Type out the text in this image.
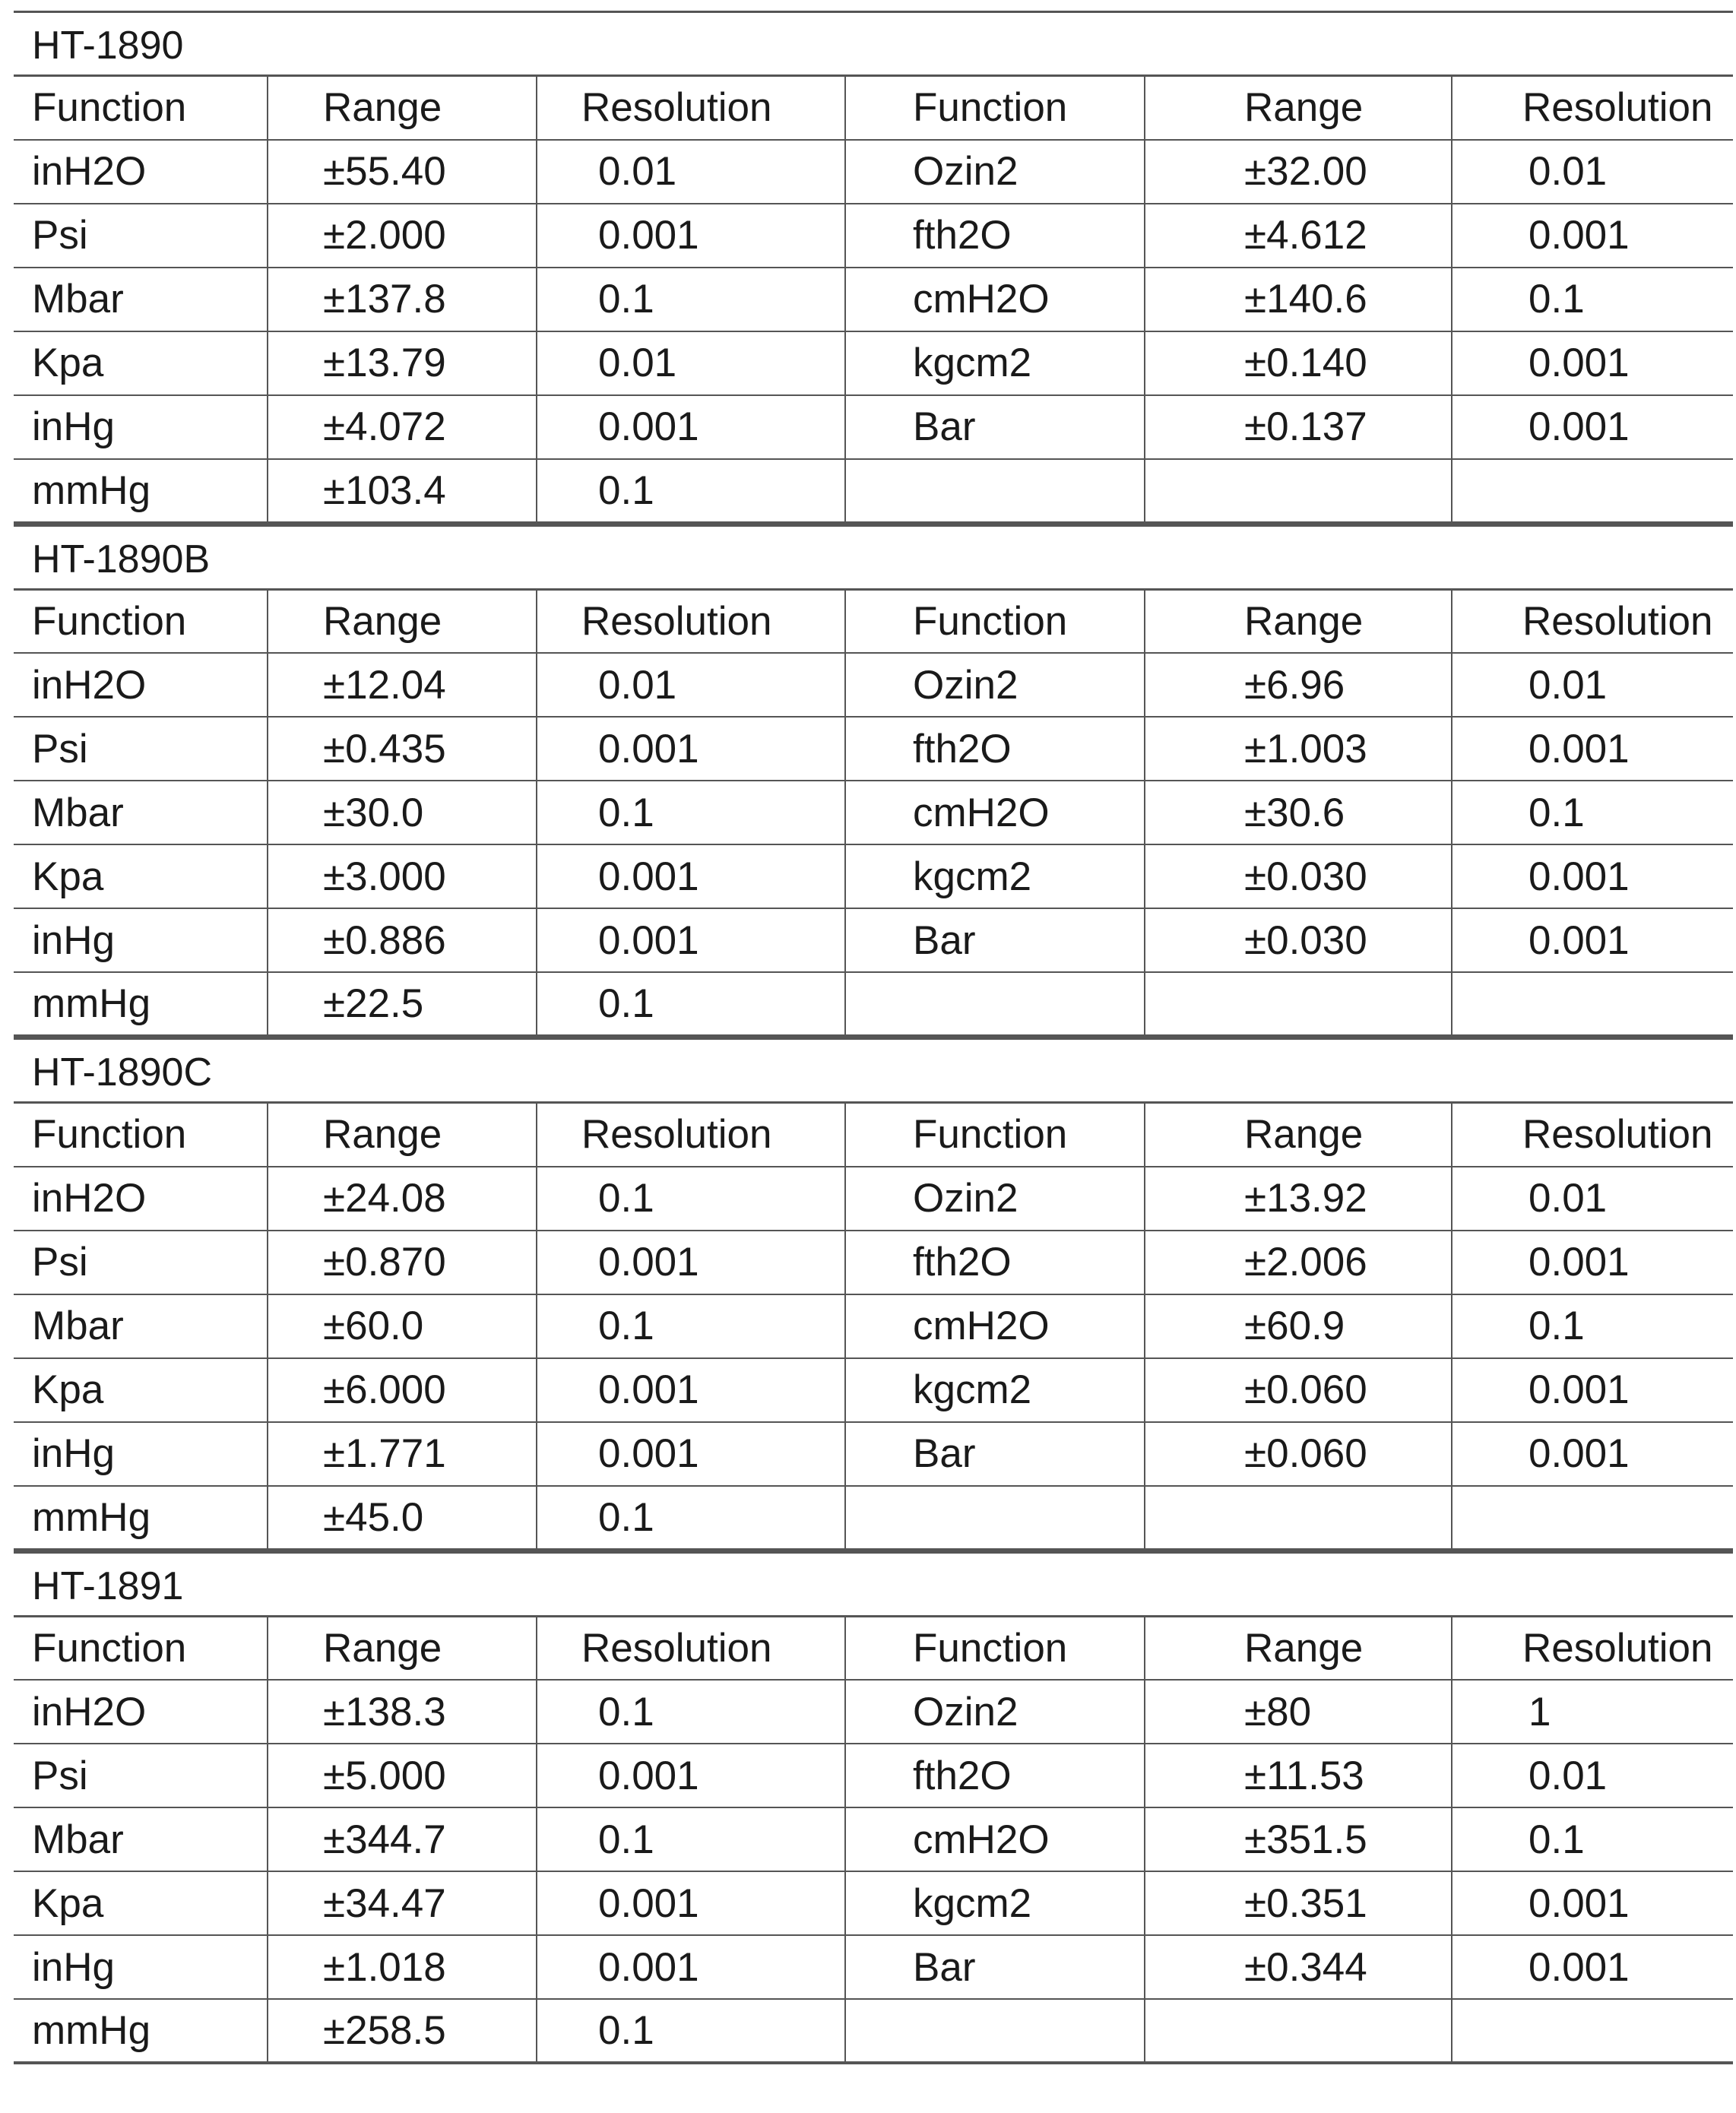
HT-1890
Function	Range	Resolution	Function	Range	Resolution
inH2O	±55.40	0.01	Ozin2	±32.00	0.01
Psi	±2.000	0.001	fth2O	±4.612	0.001
Mbar	±137.8	0.1	cmH2O	±140.6	0.1
Kpa	±13.79	0.01	kgcm2	±0.140	0.001
inHg	±4.072	0.001	Bar	±0.137	0.001
mmHg	±103.4	0.1			
HT-1890B
Function	Range	Resolution	Function	Range	Resolution
inH2O	±12.04	0.01	Ozin2	±6.96	0.01
Psi	±0.435	0.001	fth2O	±1.003	0.001
Mbar	±30.0	0.1	cmH2O	±30.6	0.1
Kpa	±3.000	0.001	kgcm2	±0.030	0.001
inHg	±0.886	0.001	Bar	±0.030	0.001
mmHg	±22.5	0.1			
HT-1890C
Function	Range	Resolution	Function	Range	Resolution
inH2O	±24.08	0.1	Ozin2	±13.92	0.01
Psi	±0.870	0.001	fth2O	±2.006	0.001
Mbar	±60.0	0.1	cmH2O	±60.9	0.1
Kpa	±6.000	0.001	kgcm2	±0.060	0.001
inHg	±1.771	0.001	Bar	±0.060	0.001
mmHg	±45.0	0.1			
HT-1891
Function	Range	Resolution	Function	Range	Resolution
inH2O	±138.3	0.1	Ozin2	±80	1
Psi	±5.000	0.001	fth2O	±11.53	0.01
Mbar	±344.7	0.1	cmH2O	±351.5	0.1
Kpa	±34.47	0.001	kgcm2	±0.351	0.001
inHg	±1.018	0.001	Bar	±0.344	0.001
mmHg	±258.5	0.1			
